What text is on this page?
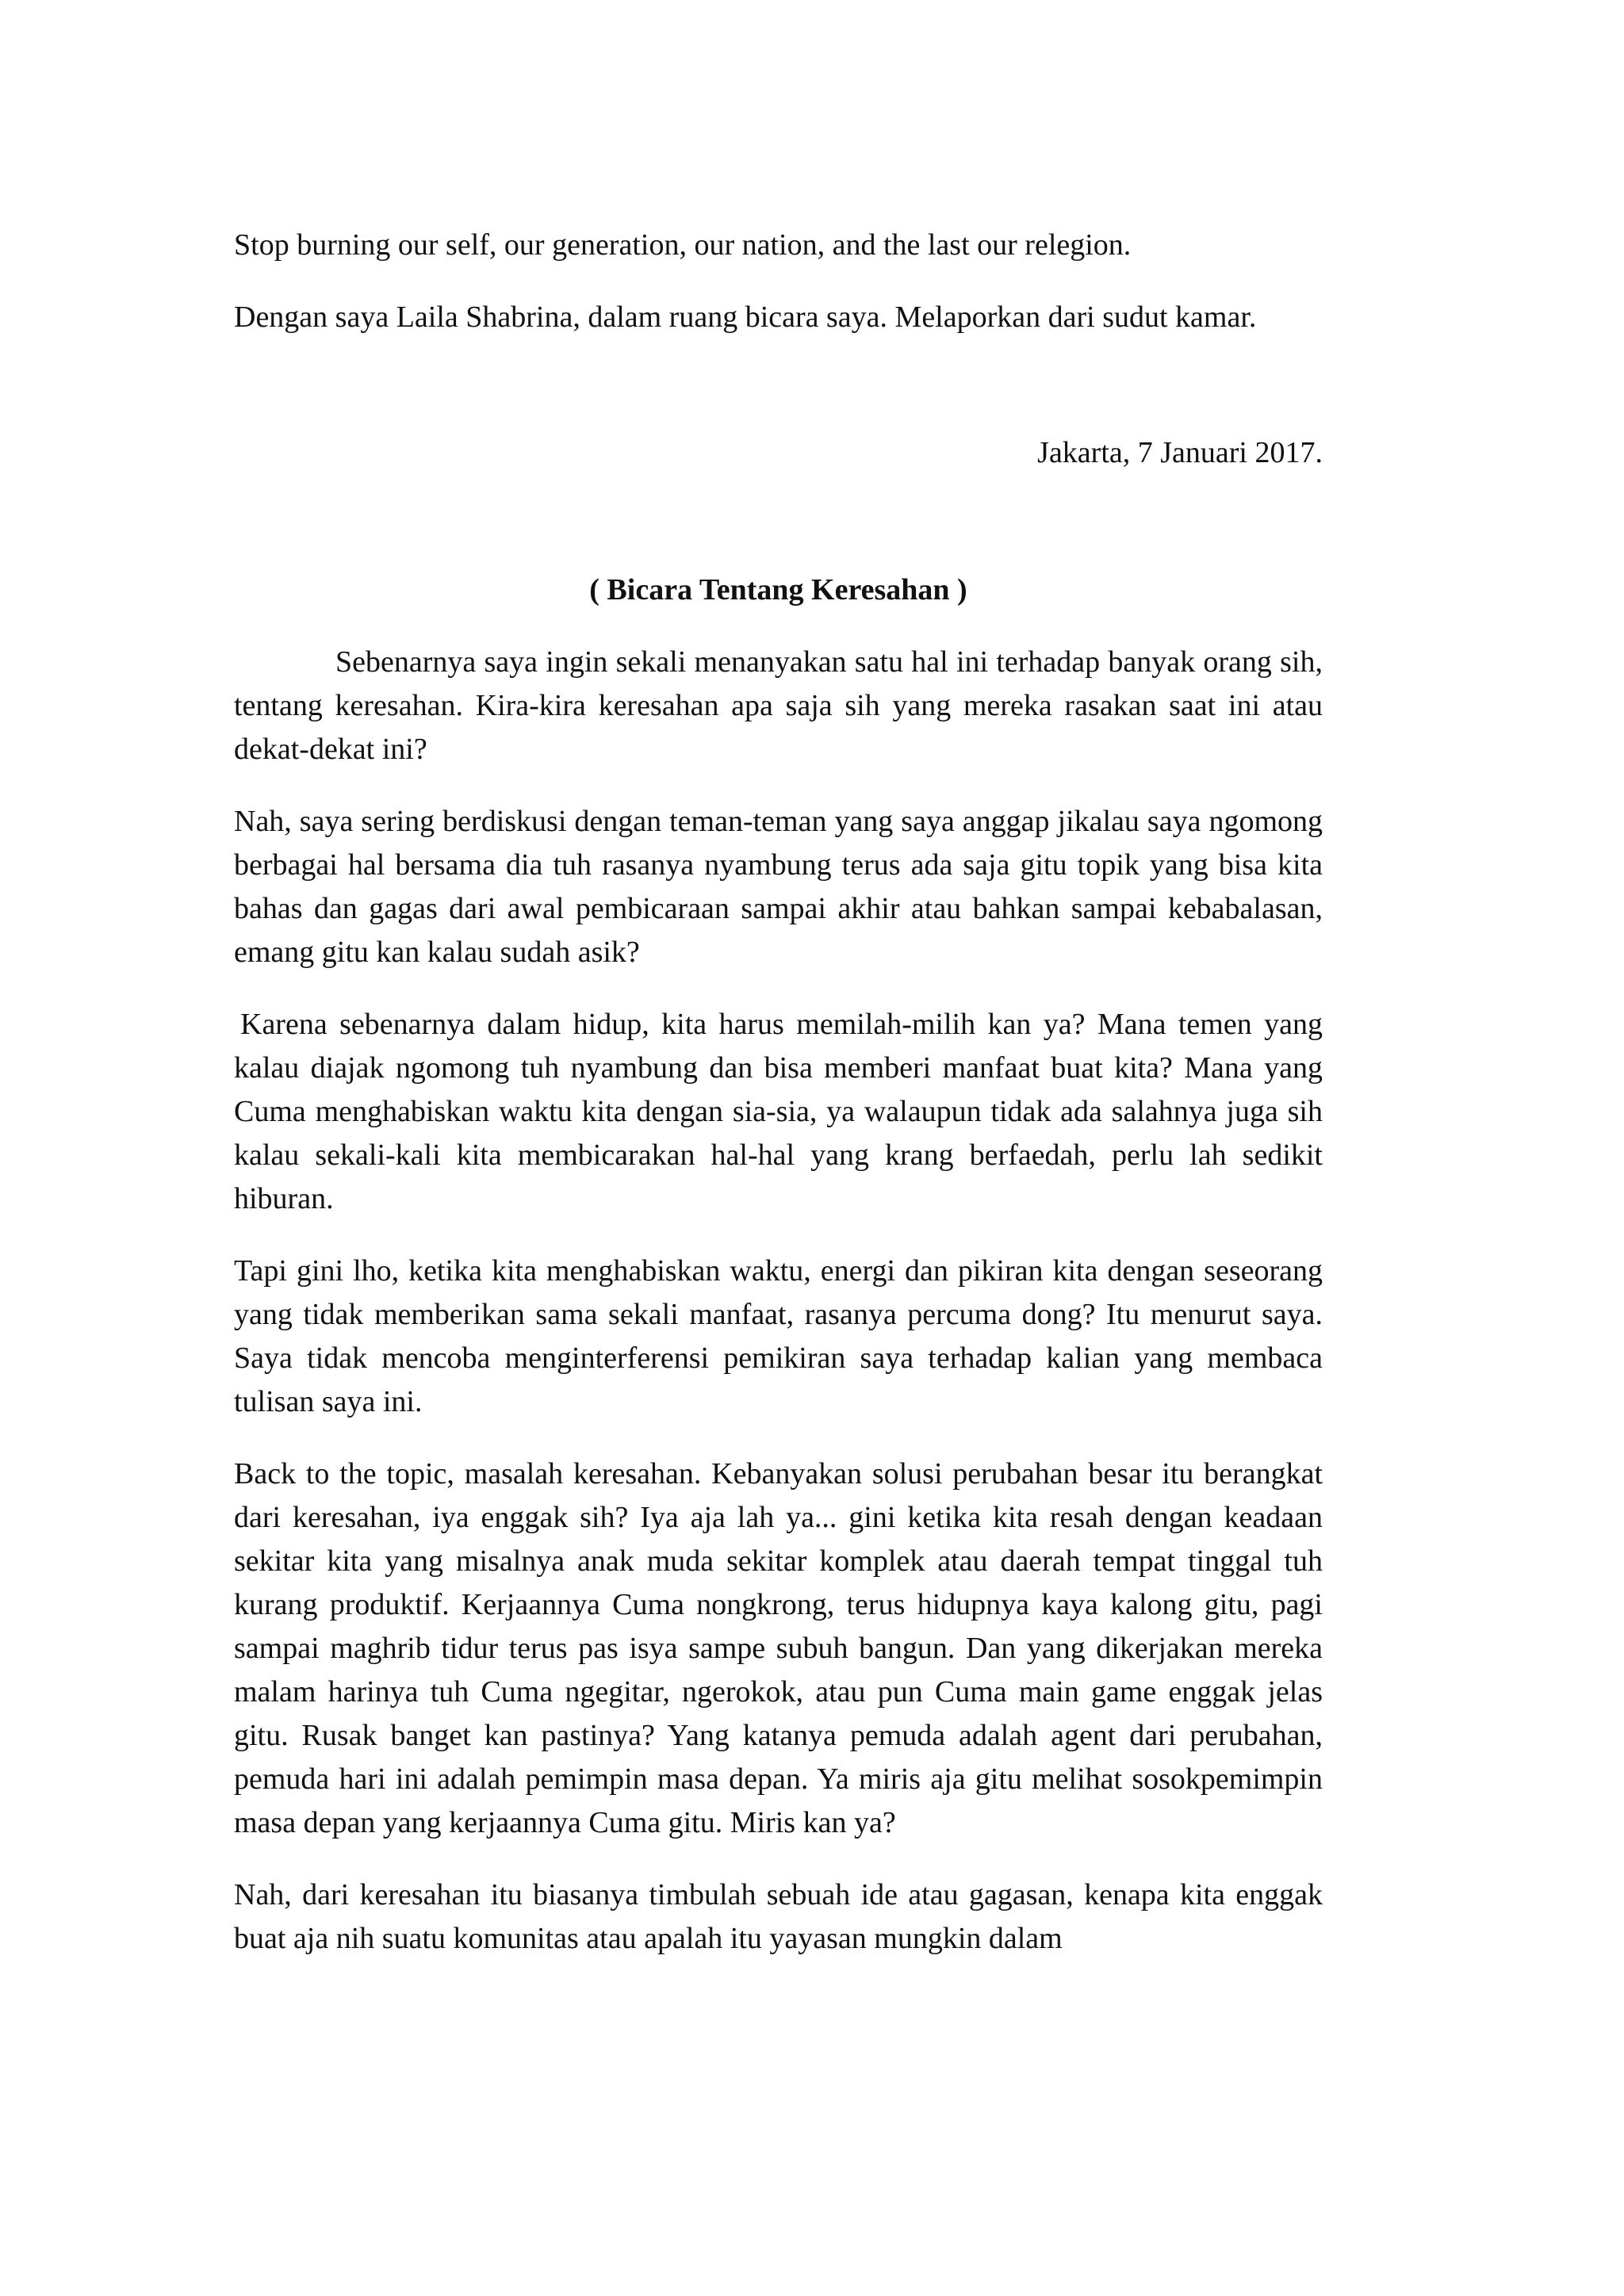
Stop burning our self, our generation, our nation, and the last our relegion.

Dengan saya Laila Shabrina, dalam ruang bicara saya. Melaporkan dari sudut kamar.

Jakarta, 7 Januari 2017.

( Bicara Tentang Keresahan )

Sebenarnya saya ingin sekali menanyakan satu hal ini terhadap banyak orang sih, tentang keresahan. Kira-kira keresahan apa saja sih yang mereka rasakan saat ini atau dekat-dekat ini?

Nah, saya sering berdiskusi dengan teman-teman yang saya anggap jikalau saya ngomong berbagai hal bersama dia tuh rasanya nyambung terus ada saja gitu topik yang bisa kita bahas dan gagas dari awal pembicaraan sampai akhir atau bahkan sampai kebabalasan, emang gitu kan kalau sudah asik?

Karena sebenarnya dalam hidup, kita harus memilah-milih kan ya? Mana temen yang kalau diajak ngomong tuh nyambung dan bisa memberi manfaat buat kita? Mana yang Cuma menghabiskan waktu kita dengan sia-sia, ya walaupun tidak ada salahnya juga sih kalau sekali-kali kita membicarakan hal-hal yang krang berfaedah, perlu lah sedikit hiburan.

Tapi gini lho, ketika kita menghabiskan waktu, energi dan pikiran kita dengan seseorang yang tidak memberikan sama sekali manfaat, rasanya percuma dong? Itu menurut saya. Saya tidak mencoba menginterferensi pemikiran saya terhadap kalian yang membaca tulisan saya ini.

Back to the topic, masalah keresahan. Kebanyakan solusi perubahan besar itu berangkat dari keresahan, iya enggak sih? Iya aja lah ya... gini ketika kita resah dengan keadaan sekitar kita yang misalnya anak muda sekitar komplek atau daerah tempat tinggal tuh kurang produktif. Kerjaannya Cuma nongkrong, terus hidupnya kaya kalong gitu, pagi sampai maghrib tidur terus pas isya sampe subuh bangun. Dan yang dikerjakan mereka malam harinya tuh Cuma ngegitar, ngerokok, atau pun Cuma main game enggak jelas gitu. Rusak banget kan pastinya? Yang katanya pemuda adalah agent dari perubahan, pemuda hari ini adalah pemimpin masa depan. Ya miris aja gitu melihat sosokpemimpin masa depan yang kerjaannya Cuma gitu. Miris kan ya?

Nah, dari keresahan itu biasanya timbulah sebuah ide atau gagasan, kenapa kita enggak buat aja nih suatu komunitas atau apalah itu yayasan mungkin dalam
